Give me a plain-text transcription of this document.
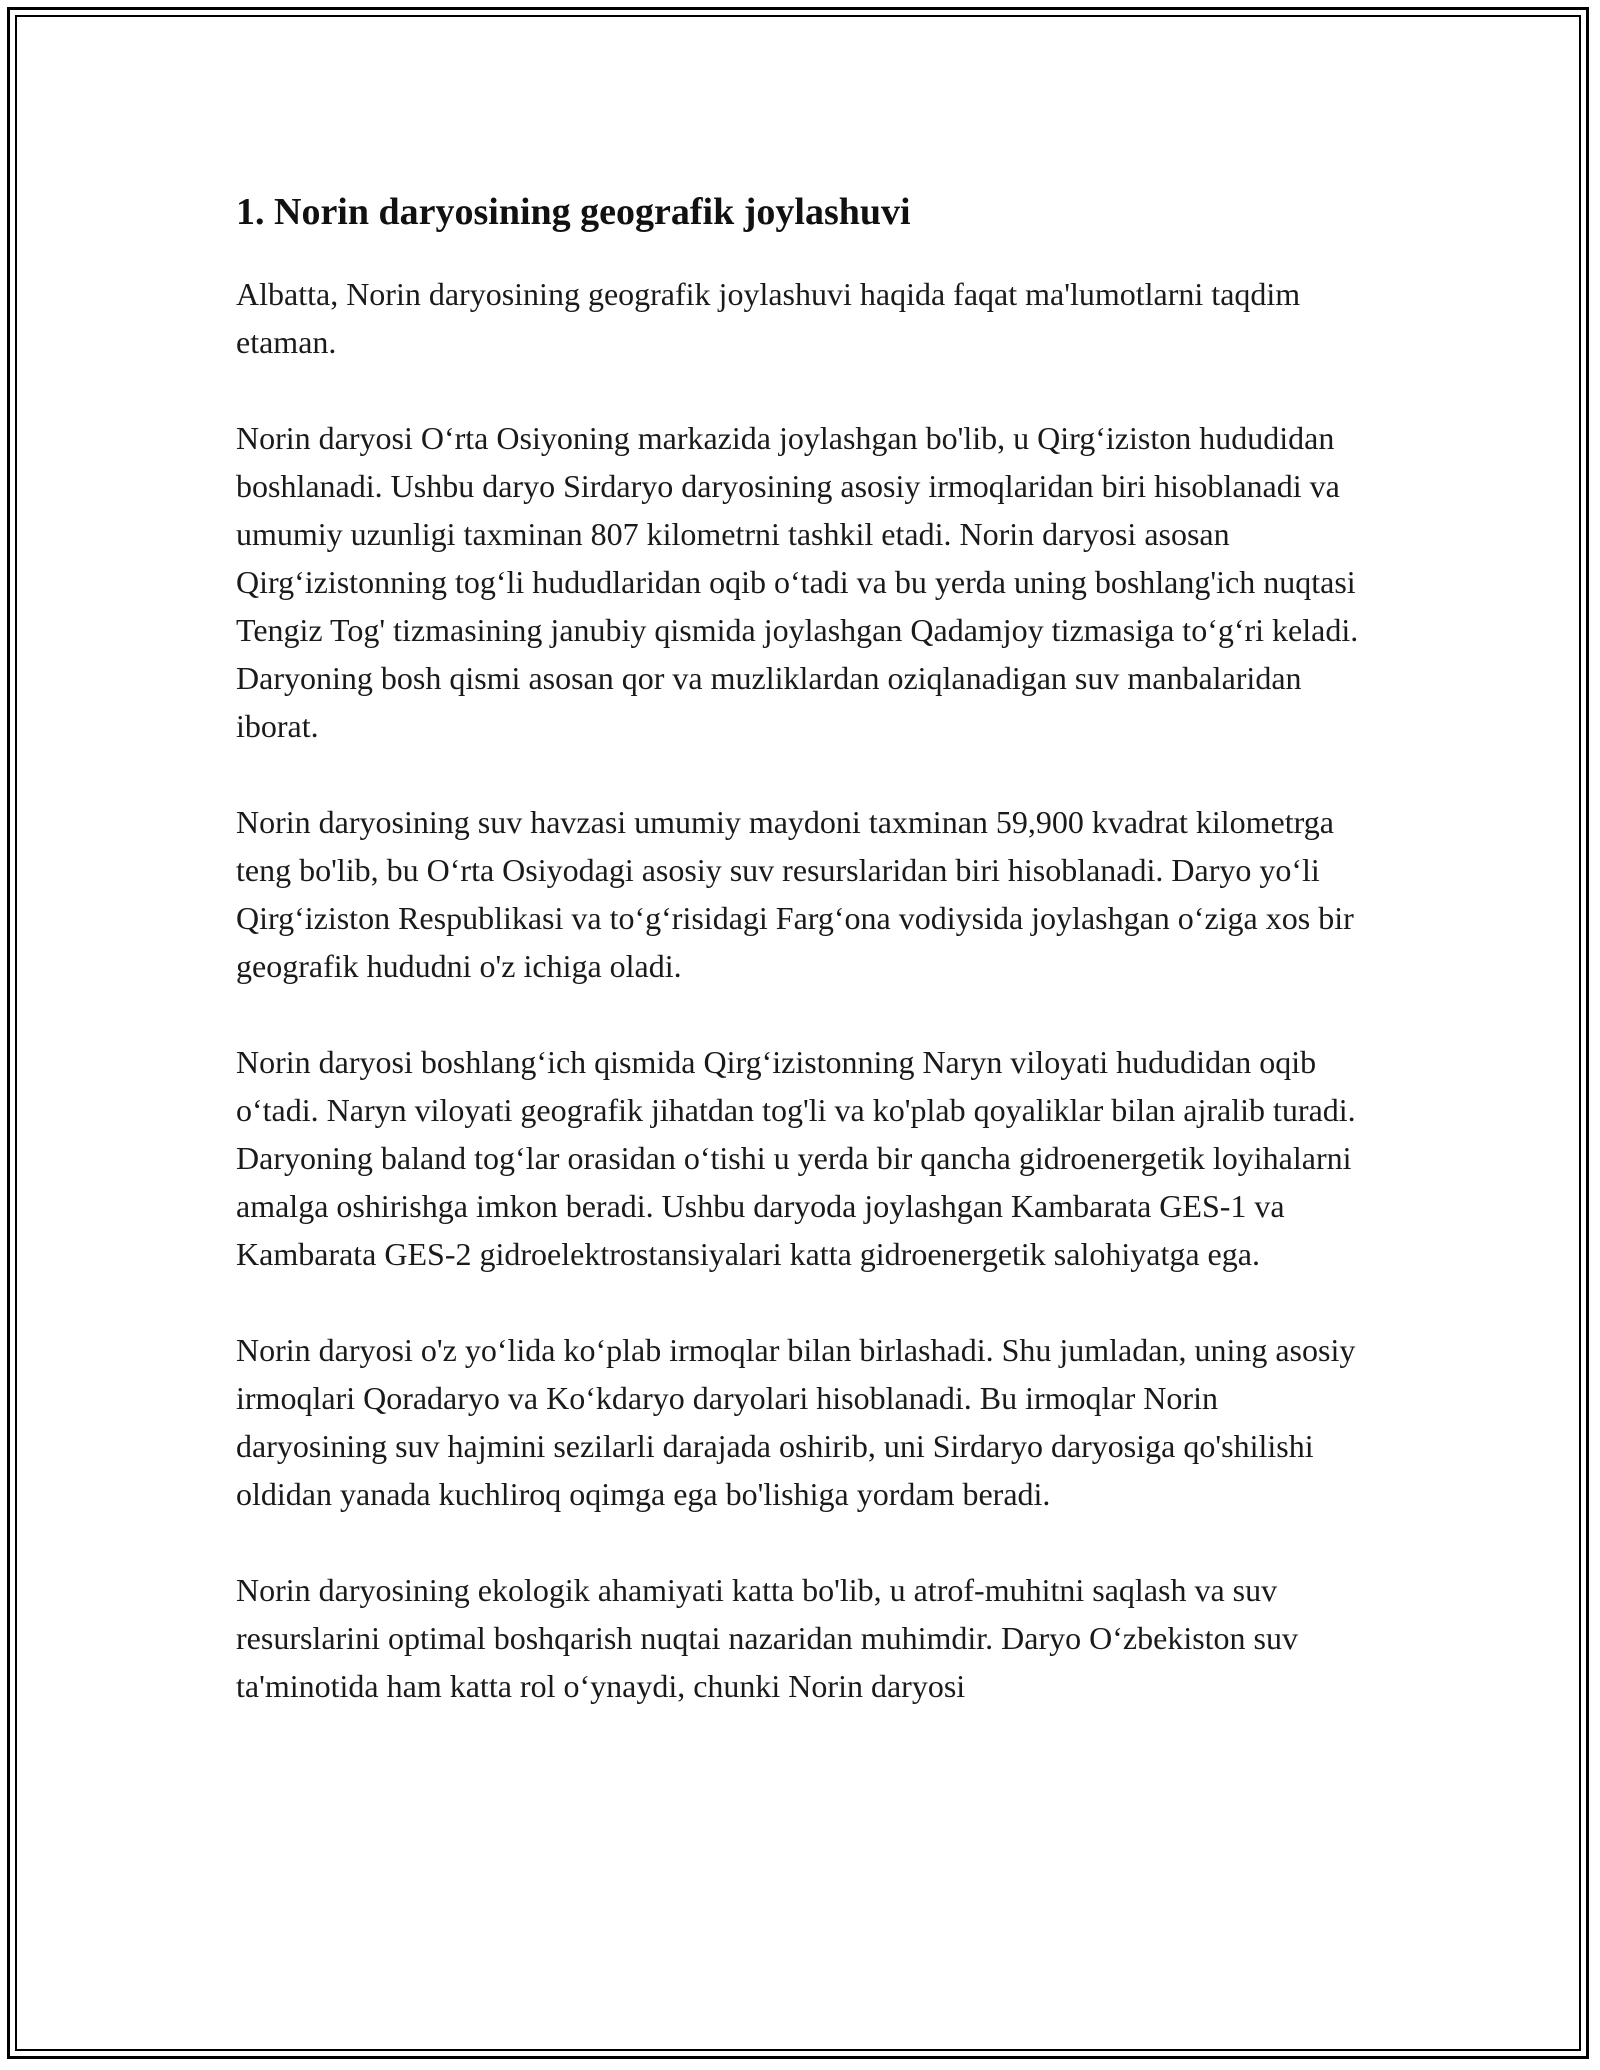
1. Norin daryosining geografik joylashuvi

Albatta, Norin daryosining geografik joylashuvi haqida faqat ma'lumotlarni taqdim etaman.

Norin daryosi O‘rta Osiyoning markazida joylashgan bo'lib, u Qirg‘iziston hududidan boshlanadi. Ushbu daryo Sirdaryo daryosining asosiy irmoqlaridan biri hisoblanadi va umumiy uzunligi taxminan 807 kilometrni tashkil etadi. Norin daryosi asosan Qirg‘izistonning tog‘li hududlaridan oqib o‘tadi va bu yerda uning boshlang'ich nuqtasi Tengiz Tog' tizmasining janubiy qismida joylashgan Qadamjoy tizmasiga to‘g‘ri keladi. Daryoning bosh qismi asosan qor va muzliklardan oziqlanadigan suv manbalaridan iborat.

Norin daryosining suv havzasi umumiy maydoni taxminan 59,900 kvadrat kilometrga teng bo'lib, bu O‘rta Osiyodagi asosiy suv resurslaridan biri hisoblanadi. Daryo yo‘li Qirg‘iziston Respublikasi va to‘g‘risidagi Farg‘ona vodiysida joylashgan o‘ziga xos bir geografik hududni o'z ichiga oladi.

Norin daryosi boshlang‘ich qismida Qirg‘izistonning Naryn viloyati hududidan oqib o‘tadi. Naryn viloyati geografik jihatdan tog'li va ko'plab qoyaliklar bilan ajralib turadi. Daryoning baland tog‘lar orasidan o‘tishi u yerda bir qancha gidroenergetik loyihalarni amalga oshirishga imkon beradi. Ushbu daryoda joylashgan Kambarata GES-1 va Kambarata GES-2 gidroelektrostansiyalari katta gidroenergetik salohiyatga ega.

Norin daryosi o'z yo‘lida ko‘plab irmoqlar bilan birlashadi. Shu jumladan, uning asosiy irmoqlari Qoradaryo va Ko‘kdaryo daryolari hisoblanadi. Bu irmoqlar Norin daryosining suv hajmini sezilarli darajada oshirib, uni Sirdaryo daryosiga qo'shilishi oldidan yanada kuchliroq oqimga ega bo'lishiga yordam beradi.

Norin daryosining ekologik ahamiyati katta bo'lib, u atrof-muhitni saqlash va suv resurslarini optimal boshqarish nuqtai nazaridan muhimdir. Daryo O‘zbekiston suv ta'minotida ham katta rol o‘ynaydi, chunki Norin daryosi
